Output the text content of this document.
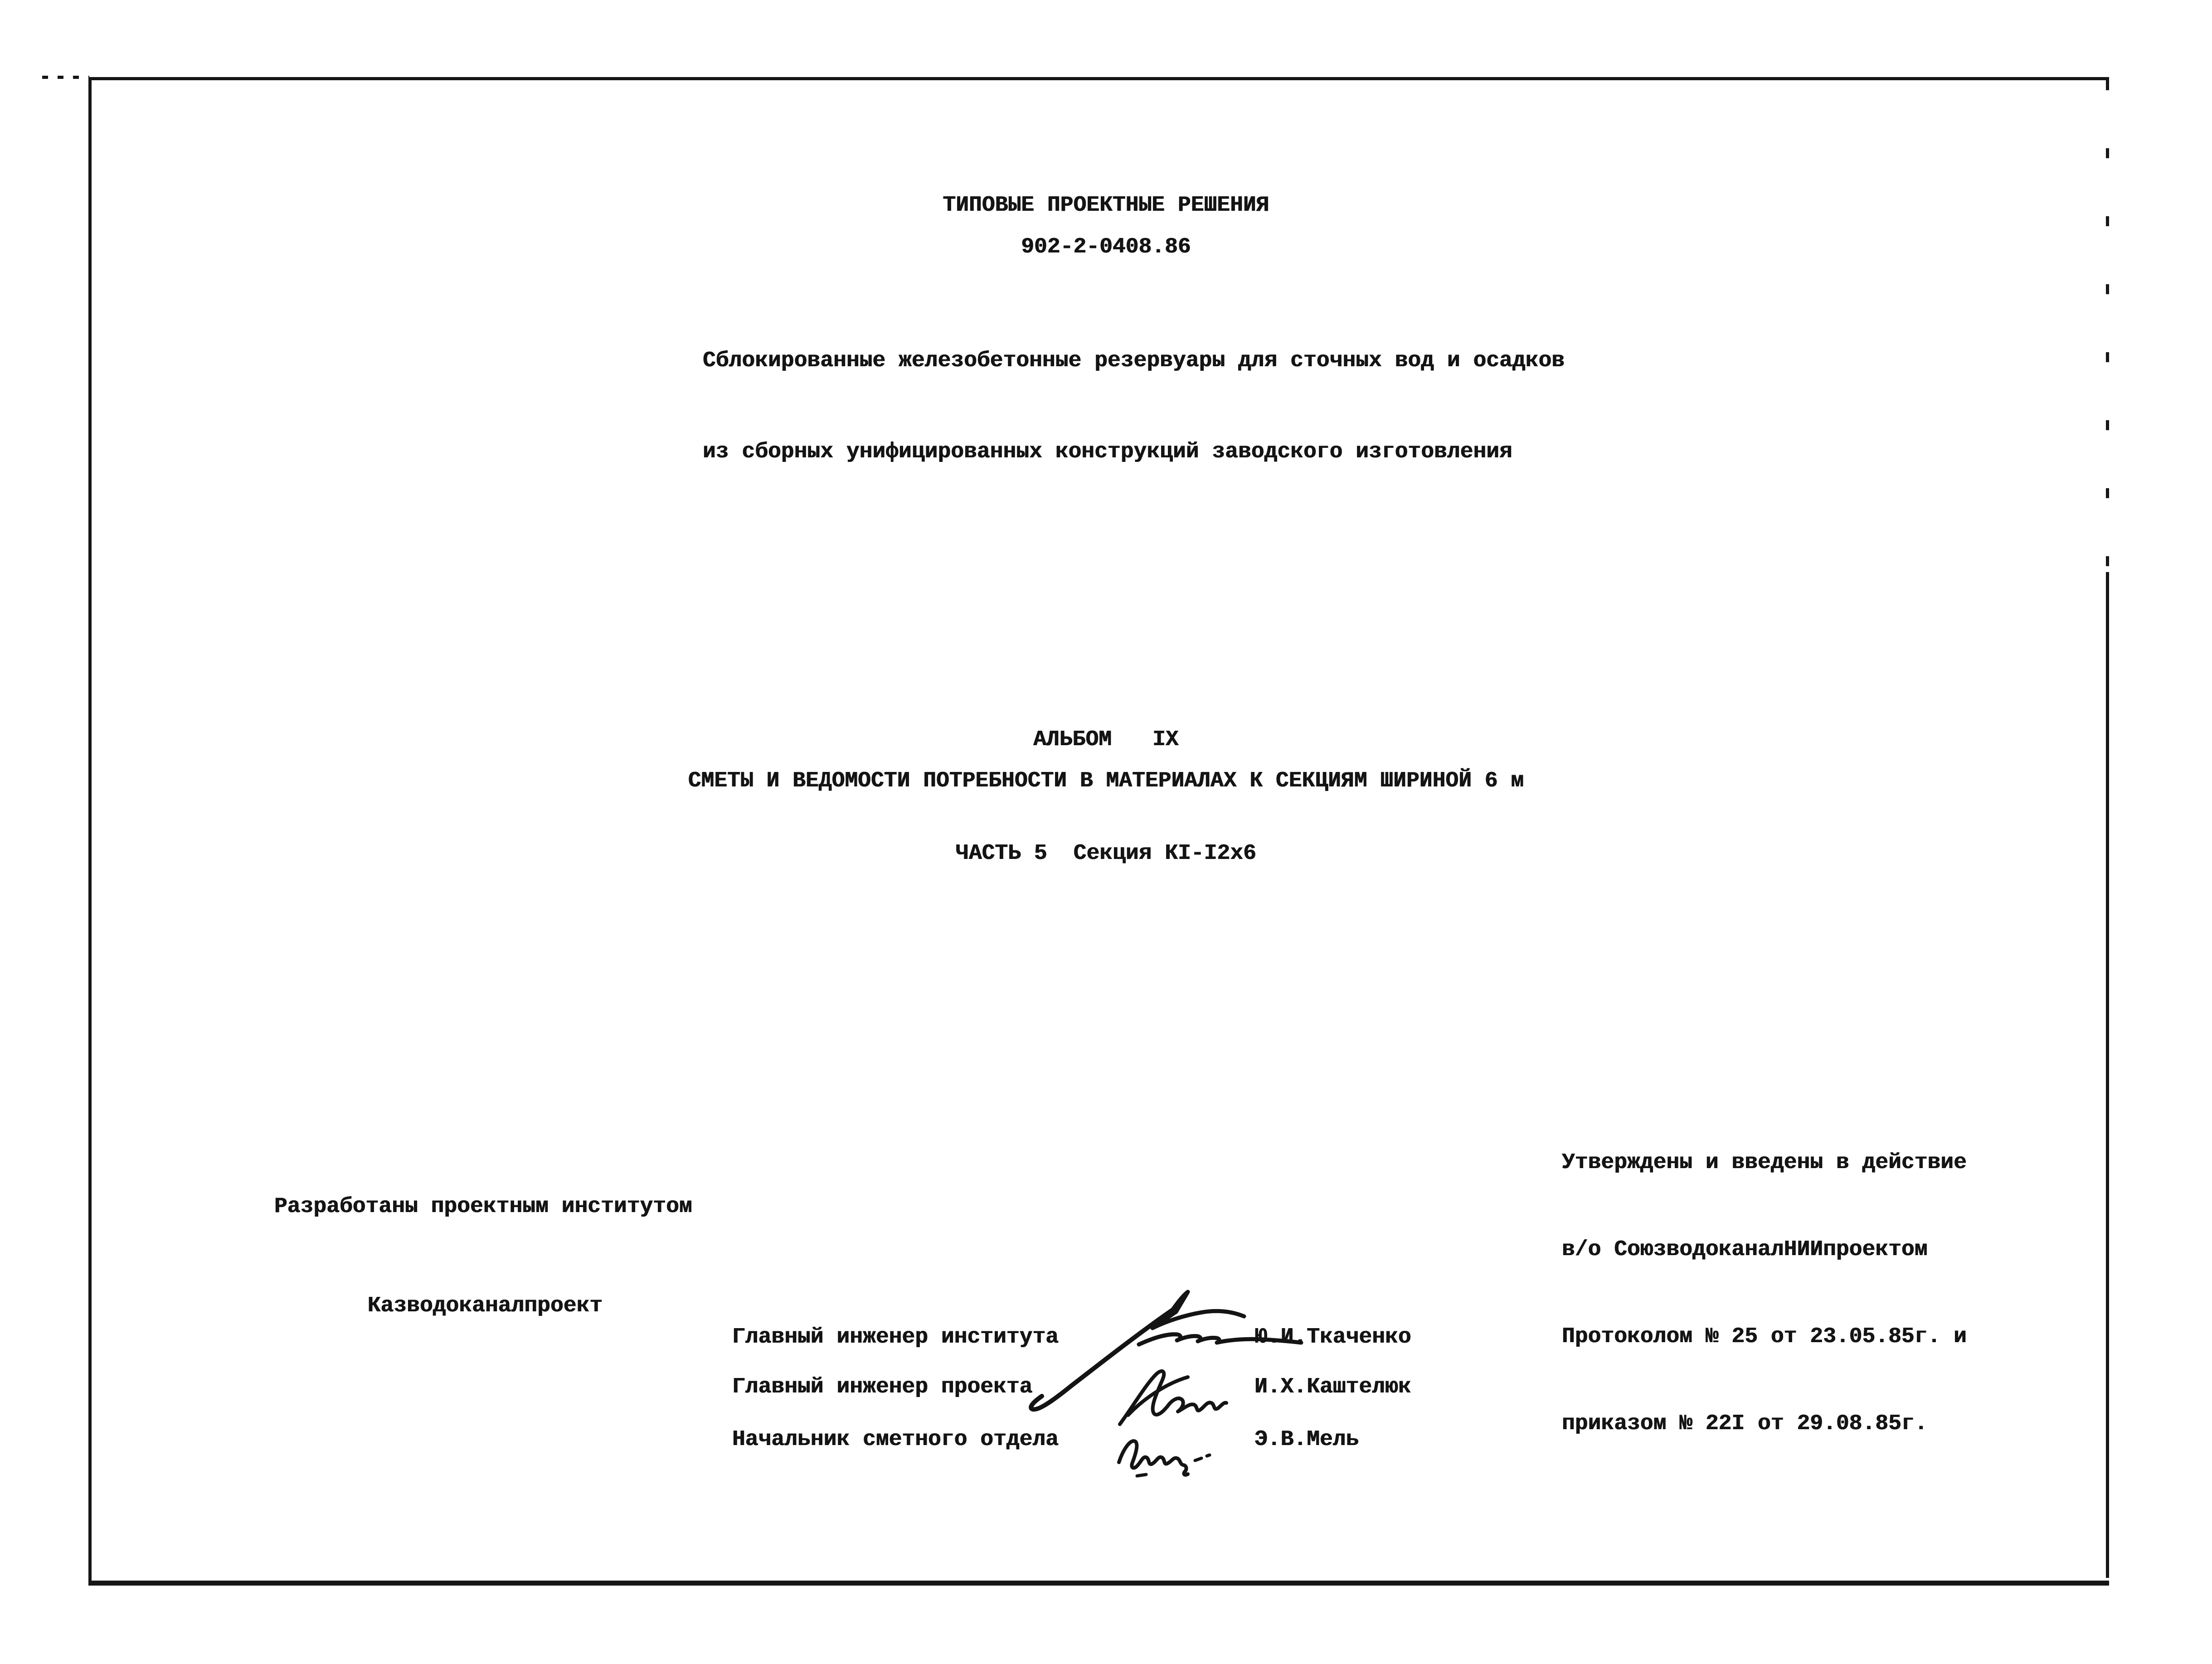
ТИПОВЫЕ ПРОЕКТНЫЕ РЕШЕНИЯ
902-2-0408.86

Сблокированные железобетонные резервуары для сточных вод и осадков

из сборных унифицированных конструкций заводского изготовления

АЛЬБОМ IX
СМЕТЫ И ВЕДОМОСТИ ПОТРЕБНОСТИ В МАТЕРИАЛАХ К СЕКЦИЯМ ШИРИНОЙ 6 м
ЧАСТЬ 5 Секция КI-I2х6

Разработаны проектным институтом

Казводоканалпроект

Утверждены и введены в действие

в/о СоюзводоканалНИИпроектом

Протоколом № 25 от 23.05.85г. и

приказом № 22I от 29.08.85г.

Главный инженер института	Ю.И.Ткаченко
Главный инженер проекта	И.Х.Каштелюк
Начальник сметного отдела	Э.В.Мель
